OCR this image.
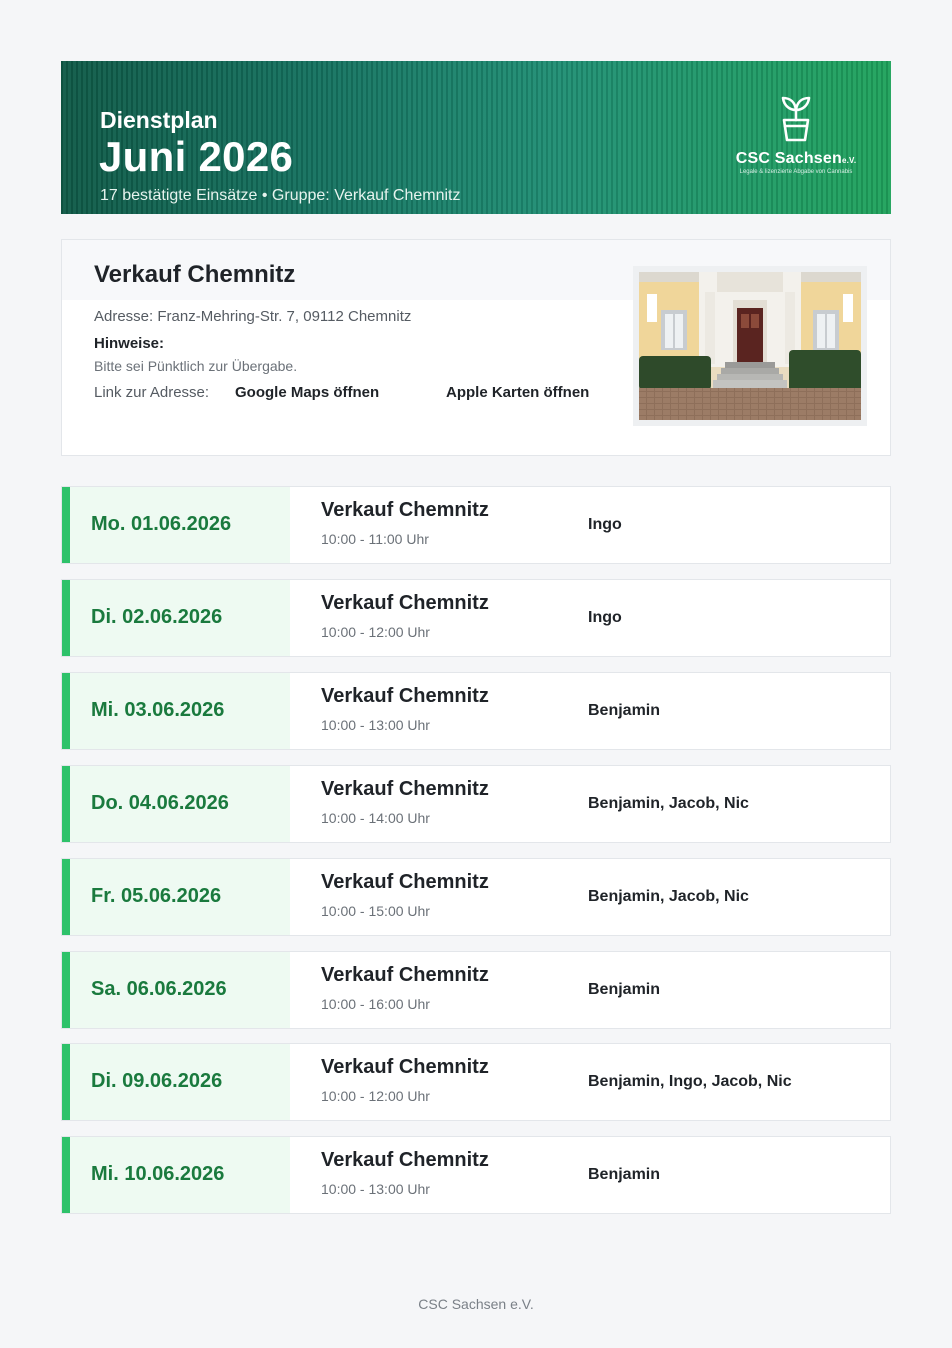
Dienstplan
Juni 2026
17 bestätigte Einsätze • Gruppe: Verkauf Chemnitz
CSC Sachsene.V.
Legale & lizenzierte Abgabe von Cannabis
Verkauf Chemnitz
Adresse: Franz-Mehring-Str. 7, 09112 Chemnitz
Hinweise:
Bitte sei Pünktlich zur Übergabe.
Link zur Adresse: Google Maps öffnen	Apple Karten öffnen
Mo. 01.06.2026
Verkauf Chemnitz
10:00 - 11:00 Uhr
Ingo
Di. 02.06.2026
Verkauf Chemnitz
10:00 - 12:00 Uhr
Ingo
Mi. 03.06.2026
Verkauf Chemnitz
10:00 - 13:00 Uhr
Benjamin
Do. 04.06.2026
Verkauf Chemnitz
10:00 - 14:00 Uhr
Benjamin, Jacob, Nic
Fr. 05.06.2026
Verkauf Chemnitz
10:00 - 15:00 Uhr
Benjamin, Jacob, Nic
Sa. 06.06.2026
Verkauf Chemnitz
10:00 - 16:00 Uhr
Benjamin
Di. 09.06.2026
Verkauf Chemnitz
10:00 - 12:00 Uhr
Benjamin, Ingo, Jacob, Nic
Mi. 10.06.2026
Verkauf Chemnitz
10:00 - 13:00 Uhr
Benjamin
CSC Sachsen e.V.
